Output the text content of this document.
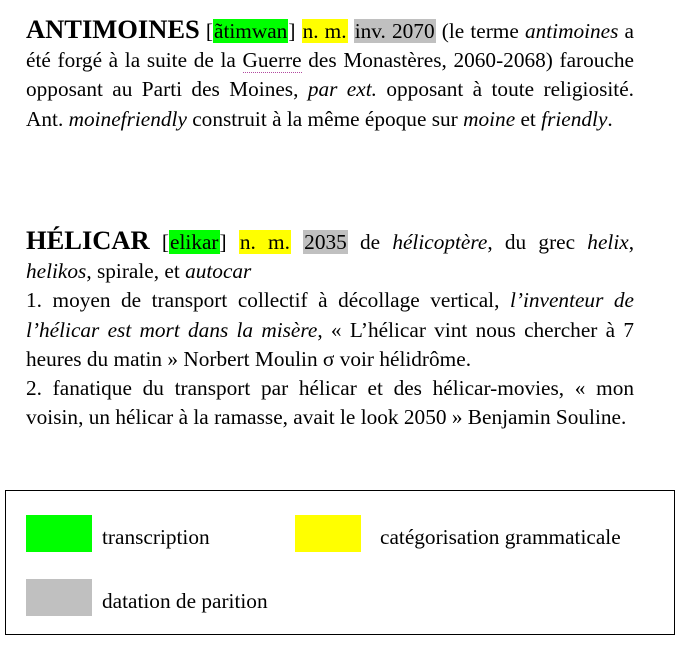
ANTIMOINES [ãtimwan] n. m. inv. 2070 (le terme antimoines a été forgé à la suite de la Guerre des Monastères, 2060-2068) farouche opposant au Parti des Moines, par ext. opposant à toute religiosité. Ant. moinefriendly construit à la même époque sur moine et friendly.
HÉLICAR [elikar] n. m. 2035 de hélicoptère, du grec helix, helikos, spirale, et autocar
1. moyen de transport collectif à décollage vertical, l’inventeur de l’hélicar est mort dans la misère, « L’hélicar vint nous chercher à 7 heures du matin » Norbert Moulin σ voir hélidrôme.
2. fanatique du transport par hélicar et des hélicar-movies, « mon voisin, un hélicar à la ramasse, avait le look 2050 » Benjamin Souline.
transcription	catégorisation grammaticale
datation de parition
